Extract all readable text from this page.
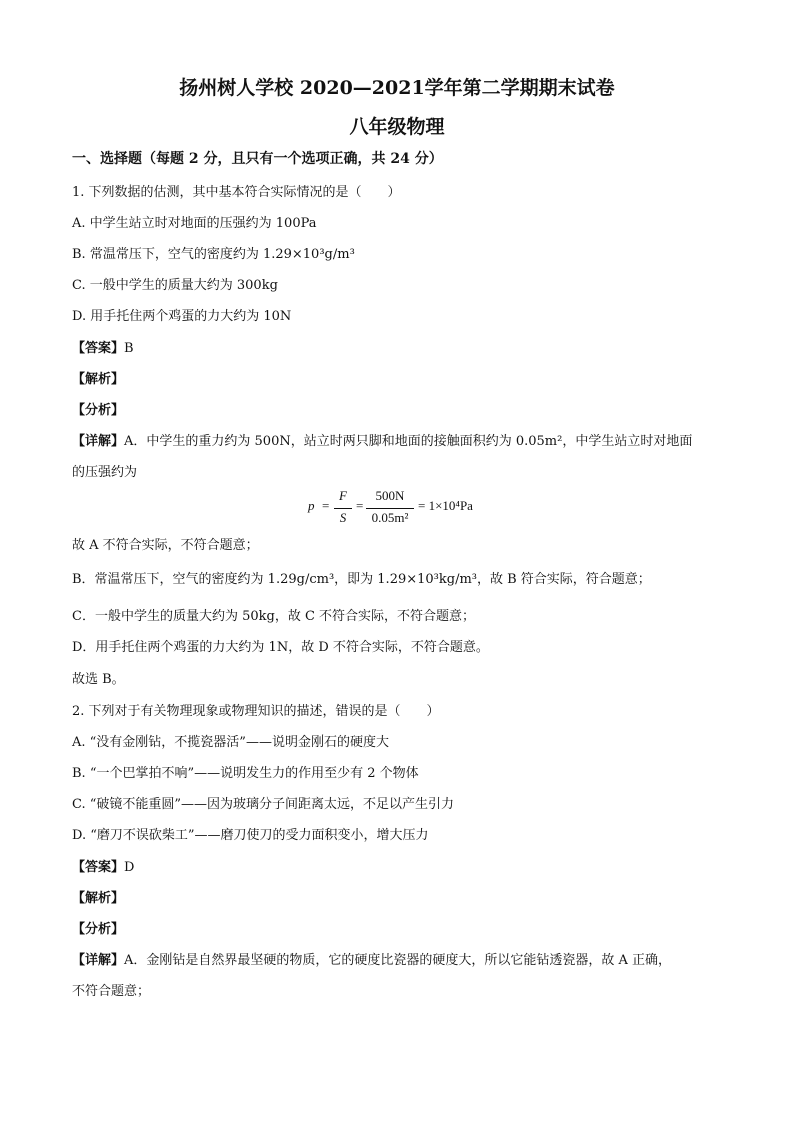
扬州树人学校 2020—2021学年第二学期期末试卷
八年级物理
一、选择题（每题 2 分，且只有一个选项正确，共 24 分）
1. 下列数据的估测，其中基本符合实际情况的是（　　）
A. 中学生站立时对地面的压强约为 100Pa
B. 常温常压下，空气的密度约为 1.29×10³g/m³
C. 一般中学生的质量大约为 300kg
D. 用手托住两个鸡蛋的力大约为 10N
【答案】B
【解析】
【分析】
【详解】A．中学生的重力约为 500N，站立时两只脚和地面的接触面积约为 0.05m²，中学生站立时对地面
的压强约为
p =
F
S
=
500N
0.05m²
= 1×10⁴Pa
故 A 不符合实际，不符合题意；
B．常温常压下，空气的密度约为 1.29g/cm³，即为 1.29×10³kg/m³，故 B 符合实际，符合题意；
C．一般中学生的质量大约为 50kg，故 C 不符合实际，不符合题意；
D．用手托住两个鸡蛋的力大约为 1N，故 D 不符合实际，不符合题意。
故选 B。
2. 下列对于有关物理现象或物理知识的描述，错误的是（　　）
A. “没有金刚钻，不揽瓷器活”——说明金刚石的硬度大
B. “一个巴掌拍不响”——说明发生力的作用至少有 2 个物体
C. “破镜不能重圆”——因为玻璃分子间距离太远，不足以产生引力
D. “磨刀不误砍柴工”——磨刀使刀的受力面积变小，增大压力
【答案】D
【解析】
【分析】
【详解】A．金刚钻是自然界最坚硬的物质，它的硬度比瓷器的硬度大，所以它能钻透瓷器，故 A 正确，
不符合题意；
